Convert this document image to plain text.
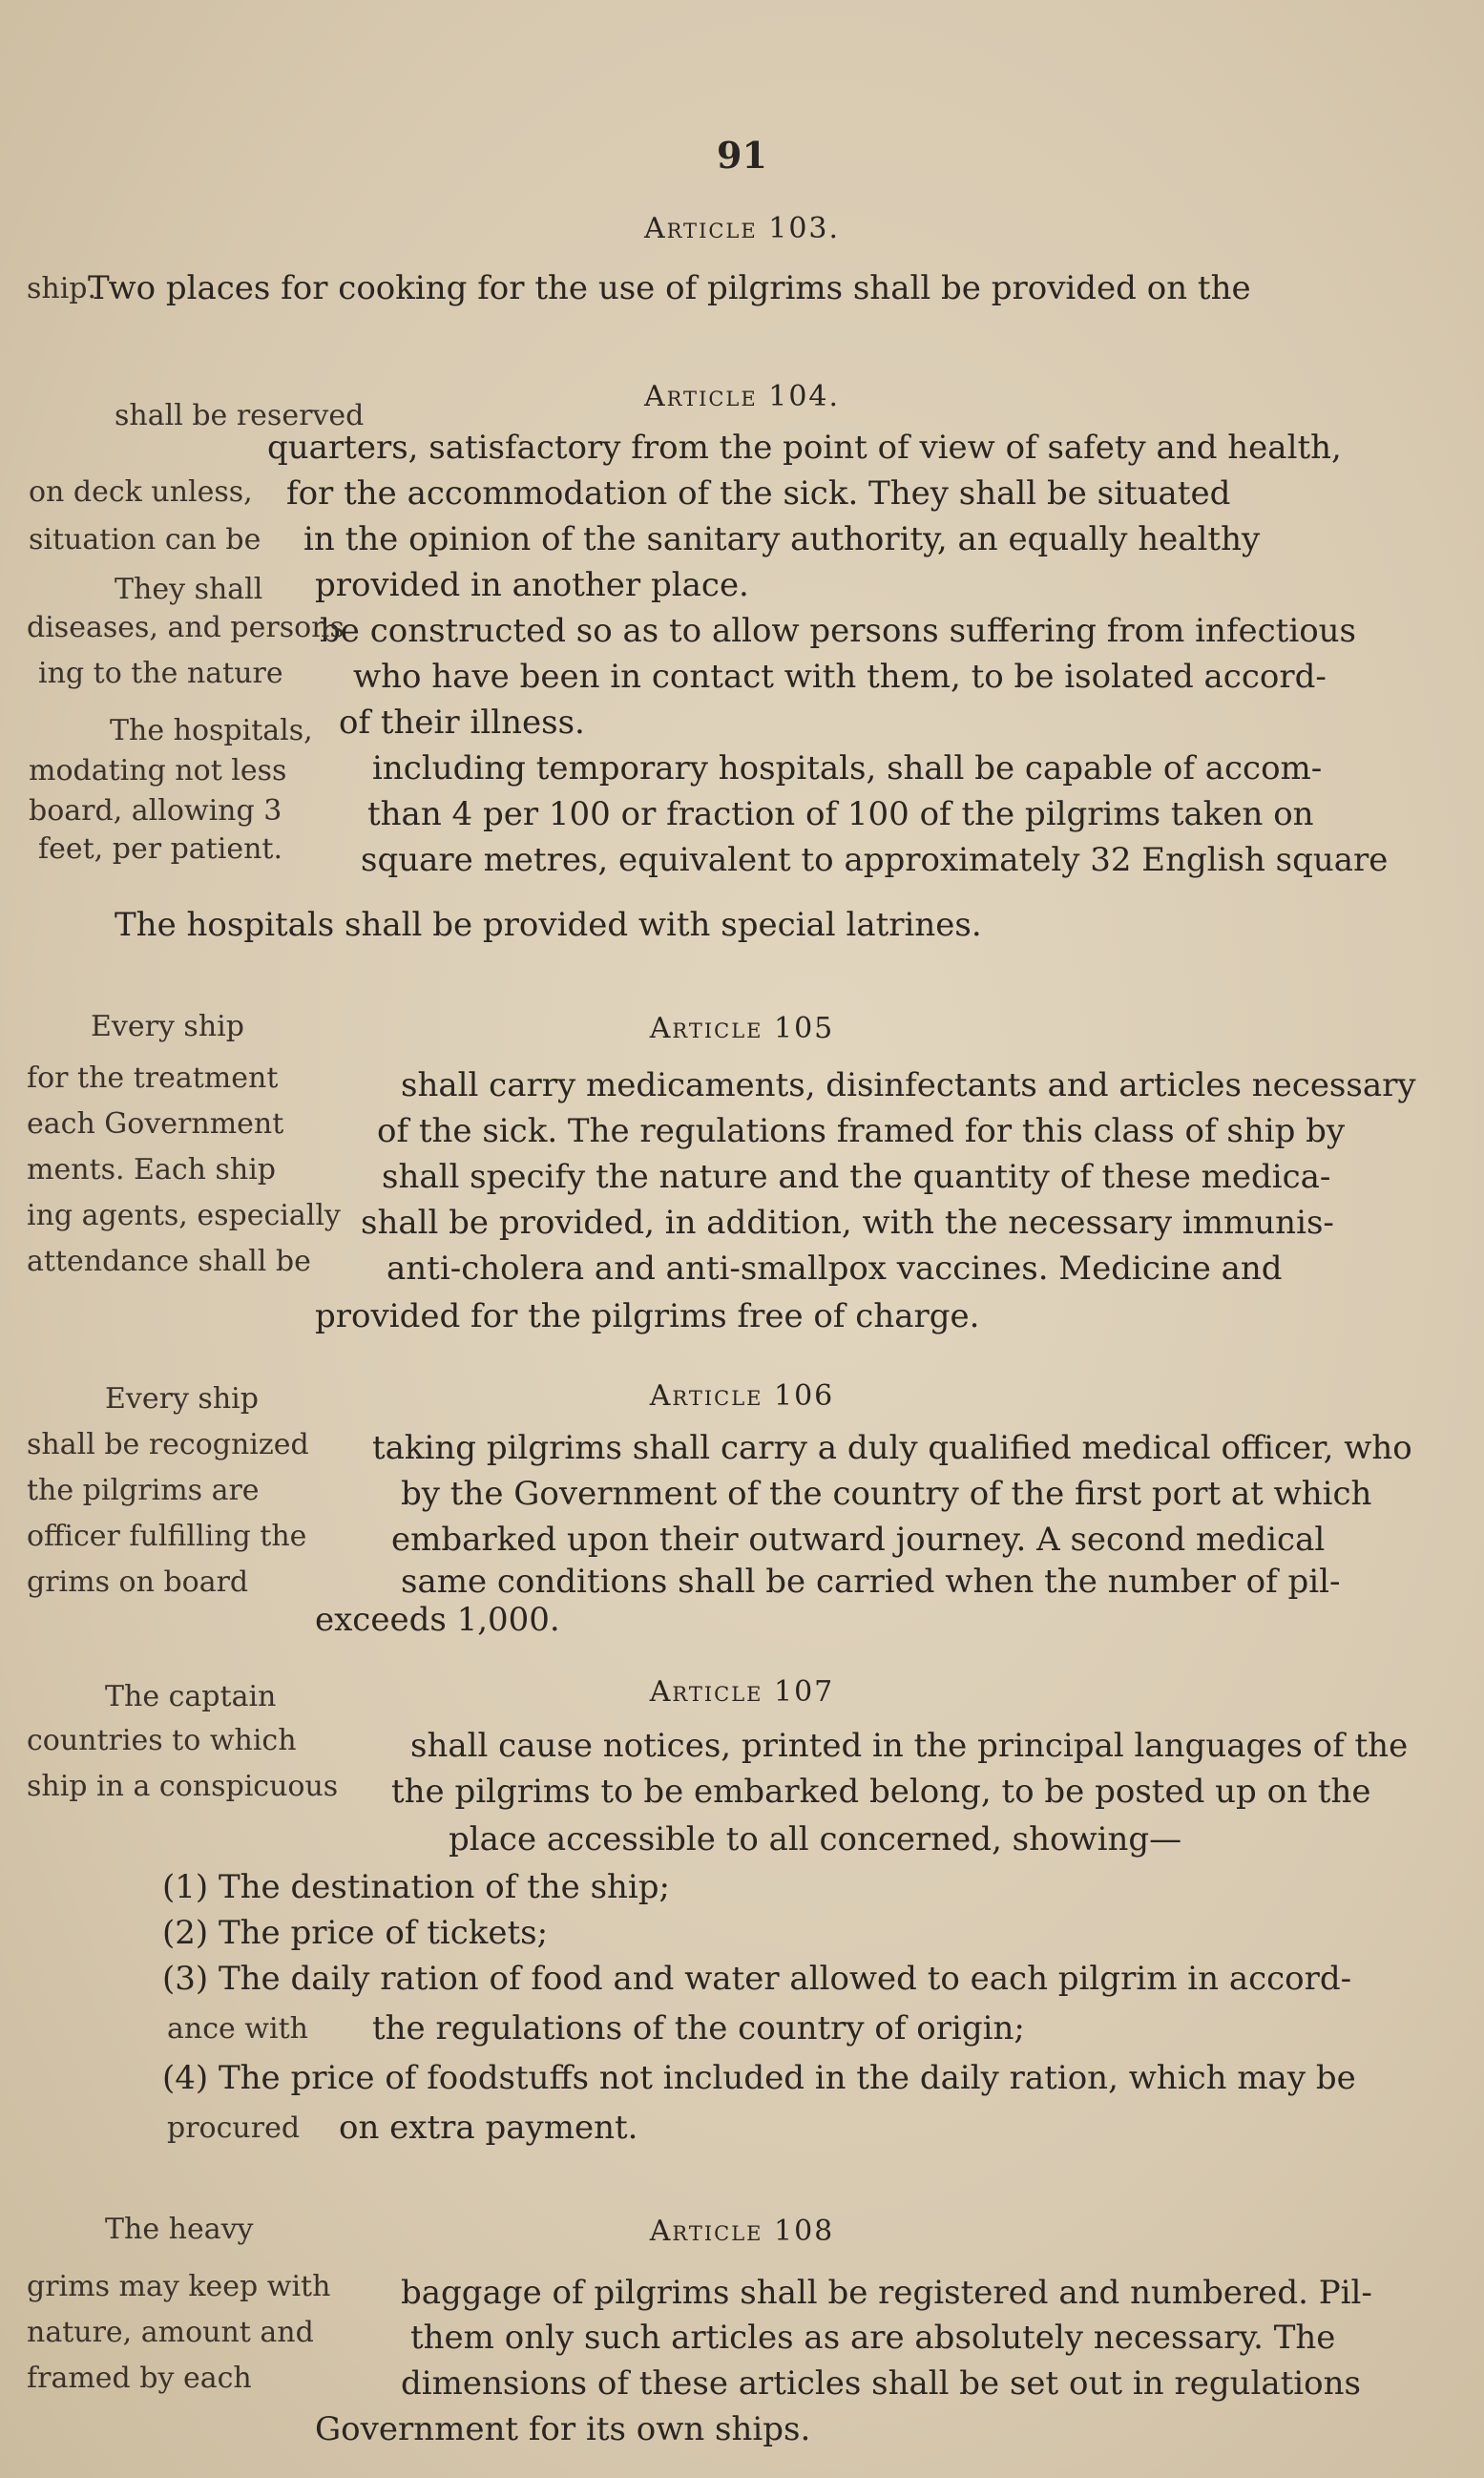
91
Article 103.
Two places for cooking for the use of pilgrims shall be provided on the
ship.
Article 104.
quarters, satisfactory from the point of view of safety and health,
for the accommodation of the sick. They shall be situated
in the opinion of the sanitary authority, an equally healthy
provided in another place.
be constructed so as to allow persons suffering from infectious
who have been in contact with them, to be isolated accord-
of their illness.
including temporary hospitals, shall be capable of accom-
than 4 per 100 or fraction of 100 of the pilgrims taken on
square metres, equivalent to approximately 32 English square
The hospitals shall be provided with special latrines.
shall be reserved
on deck unless,
situation can be
They shall
diseases, and persons
ing to the nature
The hospitals,
modating not less
board, allowing 3
feet, per patient.
Article 105
shall carry medicaments, disinfectants and articles necessary
of the sick. The regulations framed for this class of ship by
shall specify the nature and the quantity of these medica-
shall be provided, in addition, with the necessary immunis-
anti-cholera and anti-smallpox vaccines. Medicine and
provided for the pilgrims free of charge.
Every ship
for the treatment
each Government
ments. Each ship
ing agents, especially
attendance shall be
Article 106
taking pilgrims shall carry a duly qualified medical officer, who
by the Government of the country of the first port at which
embarked upon their outward journey. A second medical
same conditions shall be carried when the number of pil-
exceeds 1,000.
Every ship
shall be recognized
the pilgrims are
officer fulfilling the
grims on board
Article 107
shall cause notices, printed in the principal languages of the
the pilgrims to be embarked belong, to be posted up on the
place accessible to all concerned, showing—
(1) The destination of the ship;
(2) The price of tickets;
(3) The daily ration of food and water allowed to each pilgrim in accord-
the regulations of the country of origin;
(4) The price of foodstuffs not included in the daily ration, which may be
on extra payment.
The captain
countries to which
ship in a conspicuous
ance with
procured
Article 108
baggage of pilgrims shall be registered and numbered. Pil-
them only such articles as are absolutely necessary. The
dimensions of these articles shall be set out in regulations
Government for its own ships.
The heavy
grims may keep with
nature, amount and
framed by each
